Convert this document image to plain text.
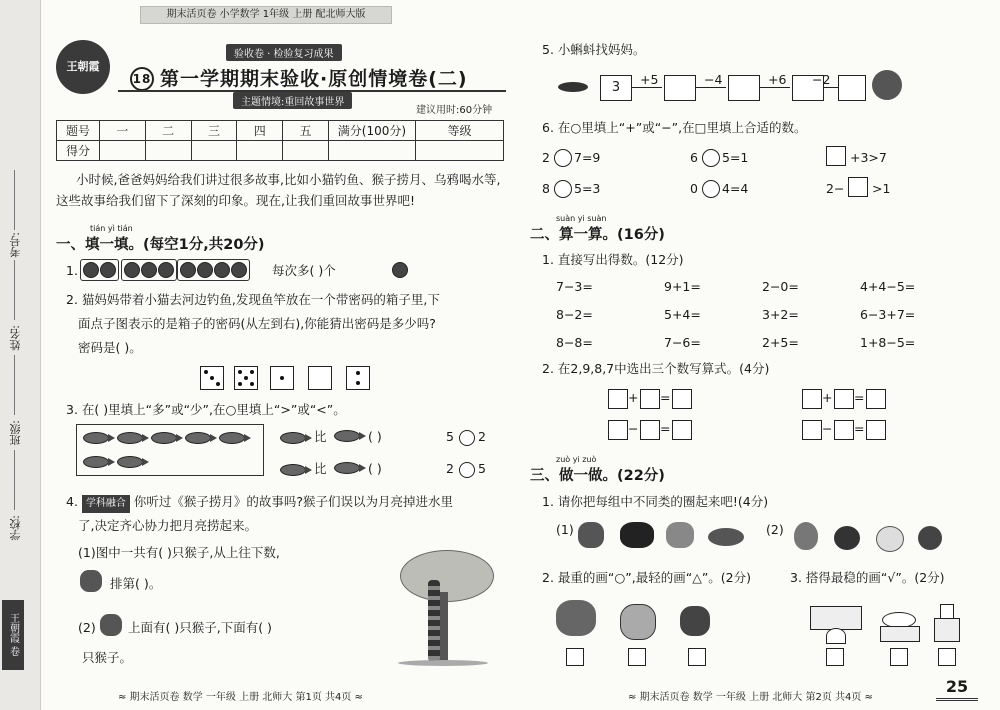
学校:
班级:
姓名:
考号:
王朝霞 卷
期末活页卷 小学数学 1年级 上册 配北师大版
王朝霞
验收卷 · 检验复习成果
18 第一学期期末验收·原创情境卷(二)
主题情境:重回故事世界
建议用时:60分钟
题号	一	二	三	四	五	满分(100分)	等级
得分							
小时候,爸爸妈妈给我们讲过很多故事,比如小猫钓鱼、猴子捞月、乌鸦喝水等,
这些故事给我们留下了深刻的印象。现在,让我们重回故事世界吧!
tián yì tián
一、填一填。(每空1分,共20分)
1.	每次多( )个
2. 猫妈妈带着小猫去河边钓鱼,发现鱼竿放在一个带密码的箱子里,下
面点子图表示的是箱子的密码(从左到右),你能猜出密码是多少吗?
密码是( )。
3. 在( )里填上“多”或“少”,在○里填上“>”或“<”。
比	( )	5 2
比	( )	2 5
4. 学科融合 你听过《猴子捞月》的故事吗?猴子们误以为月亮掉进水里
了,决定齐心协力把月亮捞起来。
(1)图中一共有( )只猴子,从上往下数,
排第( )。
(2)	上面有( )只猴子,下面有( )
只猴子。
5. 小蝌蚪找妈妈。
3
+5	−4	+6 −2
6. 在○里填上“+”或“−”,在□里填上合适的数。
2 7=9	6 5=1	+3>7
8 5=3	0 4=4	2− >1
suàn yi suàn
二、算一算。(16分)
1. 直接写出得数。(12分)
7−3=	9+1=	2−0=	4+4−5=
8−2=	5+4=	3+2=	6−3+7=
8−8=	7−6=	2+5=	1+8−5=
2. 在2,9,8,7中选出三个数写算式。(4分)
+ =	+ =
− =	− =
zuò yi zuò
三、做一做。(22分)
1. 请你把每组中不同类的圈起来吧!(4分)
(1)	(2)
2. 最重的画“○”,最轻的画“△”。(2分)	3. 搭得最稳的画“√”。(2分)
≈ 期末活页卷 数学 一年级 上册 北师大 第1页 共4页 ≈	≈ 期末活页卷 数学 一年级 上册 北师大 第2页 共4页 ≈
25
